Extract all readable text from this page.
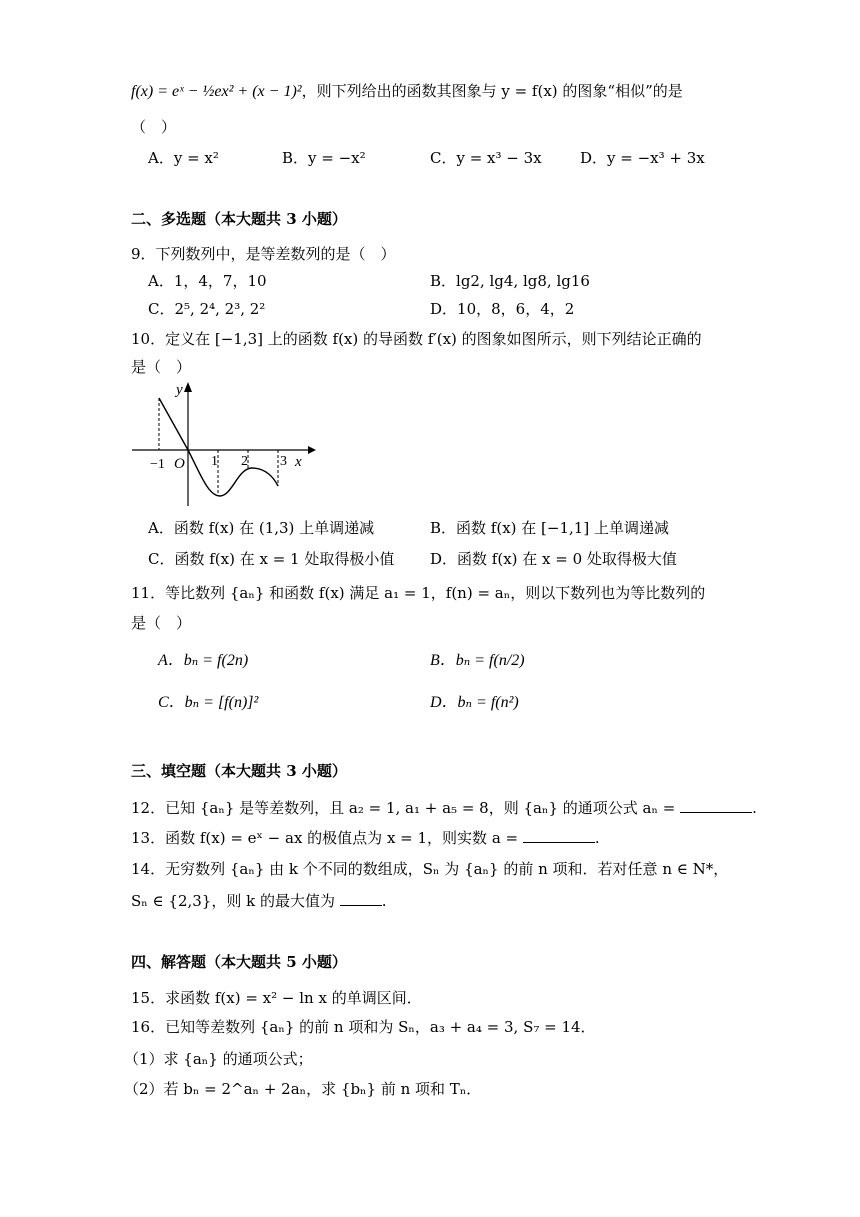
f(x) = eˣ − ½ex² + (x − 1)²，则下列给出的函数其图象与 y = f(x) 的图象“相似”的是
（　）
A．y = x²	B．y = −x²	C．y = x³ − 3x	D．y = −x³ + 3x
二、多选题（本大题共 3 小题）
9．下列数列中，是等差数列的是（　）
A．1，4，7，10	B．lg2, lg4, lg8, lg16
C．2⁵, 2⁴, 2³, 2²	D．10，8，6，4，2
10．定义在 [−1,3] 上的函数 f(x) 的导函数 f′(x) 的图象如图所示，则下列结论正确的
是（　）
y
x
O
−1	1 2 3
A．函数 f(x) 在 (1,3) 上单调递减	B．函数 f(x) 在 [−1,1] 上单调递减
C．函数 f(x) 在 x = 1 处取得极小值 D．函数 f(x) 在 x = 0 处取得极大值
11．等比数列 {aₙ} 和函数 f(x) 满足 a₁ = 1，f(n) = aₙ，则以下数列也为等比数列的
是（　）
A．bₙ = f(2n)	B．bₙ = f(n/2)
C．bₙ = [f(n)]²	D．bₙ = f(n²)
三、填空题（本大题共 3 小题）
12．已知 {aₙ} 是等差数列，且 a₂ = 1, a₁ + a₅ = 8，则 {aₙ} 的通项公式 aₙ =	.
13．函数 f(x) = eˣ − ax 的极值点为 x = 1，则实数 a =	.
14．无穷数列 {aₙ} 由 k 个不同的数组成，Sₙ 为 {aₙ} 的前 n 项和．若对任意 n ∈ N*，
Sₙ ∈ {2,3}，则 k 的最大值为	.
四、解答题（本大题共 5 小题）
15．求函数 f(x) = x² − ln x 的单调区间．
16．已知等差数列 {aₙ} 的前 n 项和为 Sₙ，a₃ + a₄ = 3, S₇ = 14．
（1）求 {aₙ} 的通项公式；
（2）若 bₙ = 2^aₙ + 2aₙ，求 {bₙ} 前 n 项和 Tₙ．
